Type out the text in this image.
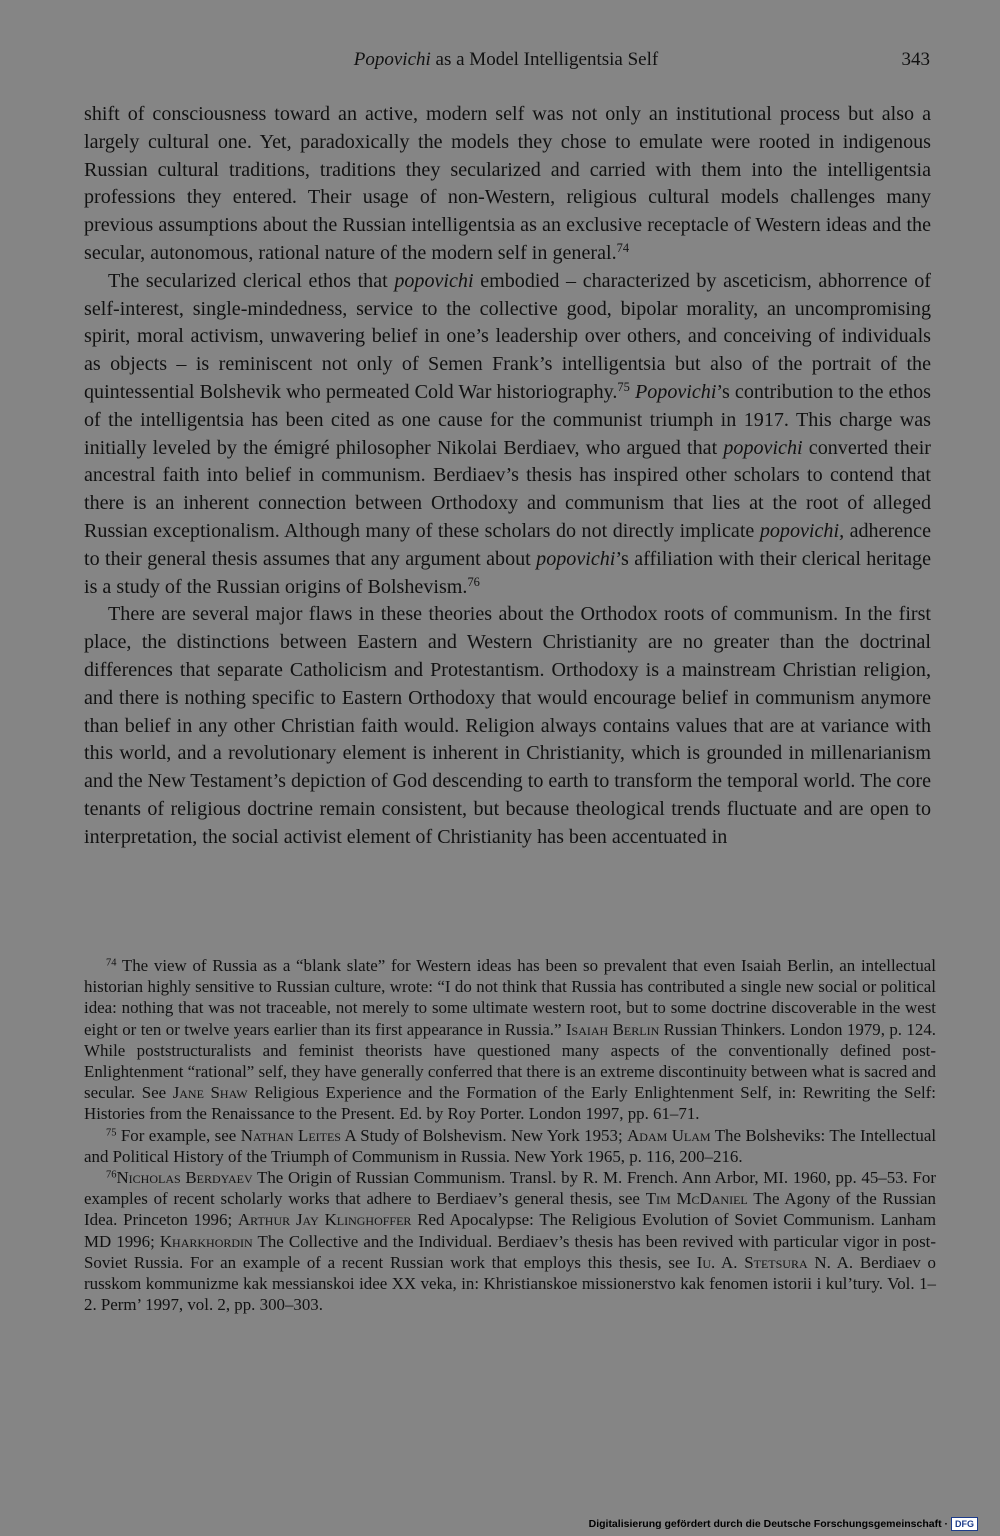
Popovichi as a Model Intelligentsia Self	343

shift of consciousness toward an active, modern self was not only an institutional process but also a largely cultural one. Yet, paradoxically the models they chose to emulate were rooted in indigenous Russian cultural traditions, traditions they secularized and carried with them into the intelligentsia professions they entered. Their usage of non-Western, religious cultural models challenges many previous assumptions about the Russian intelligentsia as an exclusive receptacle of Western ideas and the secular, autonomous, rational nature of the modern self in general.$^{74}$

The secularized clerical ethos that popovichi embodied – characterized by asceticism, abhorrence of self-interest, single-mindedness, service to the collective good, bipolar morality, an uncompromising spirit, moral activism, unwavering belief in one’s leadership over others, and conceiving of individuals as objects – is reminiscent not only of Semen Frank’s intelligentsia but also of the portrait of the quintessential Bolshevik who permeated Cold War historiography.$^{75}$ Popovichi’s contribution to the ethos of the intelligentsia has been cited as one cause for the communist triumph in 1917. This charge was initially leveled by the émigré philosopher Nikolai Berdiaev, who argued that popovichi converted their ancestral faith into belief in communism. Berdiaev’s thesis has inspired other scholars to contend that there is an inherent connection between Orthodoxy and communism that lies at the root of alleged Russian exceptionalism. Although many of these scholars do not directly implicate popovichi, adherence to their general thesis assumes that any argument about popovichi’s affiliation with their clerical heritage is a study of the Russian origins of Bolshevism.$^{76}$

There are several major flaws in these theories about the Orthodox roots of communism. In the first place, the distinctions between Eastern and Western Christianity are no greater than the doctrinal differences that separate Catholicism and Protestantism. Orthodoxy is a mainstream Christian religion, and there is nothing specific to Eastern Orthodoxy that would encourage belief in communism anymore than belief in any other Christian faith would. Religion always contains values that are at variance with this world, and a revolutionary element is inherent in Christianity, which is grounded in millenarianism and the New Testament’s depiction of God descending to earth to transform the temporal world. The core tenants of religious doctrine remain consistent, but because theological trends fluctuate and are open to interpretation, the social activist element of Christianity has been accentuated in

$^{74}$ The view of Russia as a “blank slate” for Western ideas has been so prevalent that even Isaiah Berlin, an intellectual historian highly sensitive to Russian culture, wrote: “I do not think that Russia has contributed a single new social or political idea: nothing that was not traceable, not merely to some ultimate western root, but to some doctrine discoverable in the west eight or ten or twelve years earlier than its first appearance in Russia.” Isaiah Berlin Russian Thinkers. London 1979, p. 124. While poststructuralists and feminist theorists have questioned many aspects of the conventionally defined post-Enlightenment “rational” self, they have generally conferred that there is an extreme discontinuity between what is sacred and secular. See Jane Shaw Religious Experience and the Formation of the Early Enlightenment Self, in: Rewriting the Self: Histories from the Renaissance to the Present. Ed. by Roy Porter. London 1997, pp. 61–71.

$^{75}$ For example, see Nathan Leites A Study of Bolshevism. New York 1953; Adam Ulam The Bolsheviks: The Intellectual and Political History of the Triumph of Communism in Russia. New York 1965, p. 116, 200–216.

$^{76}$Nicholas Berdyaev The Origin of Russian Communism. Transl. by R. M. French. Ann Arbor, MI. 1960, pp. 45–53. For examples of recent scholarly works that adhere to Berdiaev’s general thesis, see Tim McDaniel The Agony of the Russian Idea. Princeton 1996; Arthur Jay Klinghoffer Red Apocalypse: The Religious Evolution of Soviet Communism. Lanham MD 1996; Kharkhordin The Collective and the Individual. Berdiaev’s thesis has been revived with particular vigor in post-Soviet Russia. For an example of a recent Russian work that employs this thesis, see Iu. A. Stetsura N. A. Berdiaev o russkom kommunizme kak messianskoi idee XX veka, in: Khristianskoe missionerstvo kak fenomen istorii i kul’tury. Vol. 1–2. Perm’ 1997, vol. 2, pp. 300–303.

Digitalisierung gefördert durch die Deutsche Forschungsgemeinschaft · DFG
